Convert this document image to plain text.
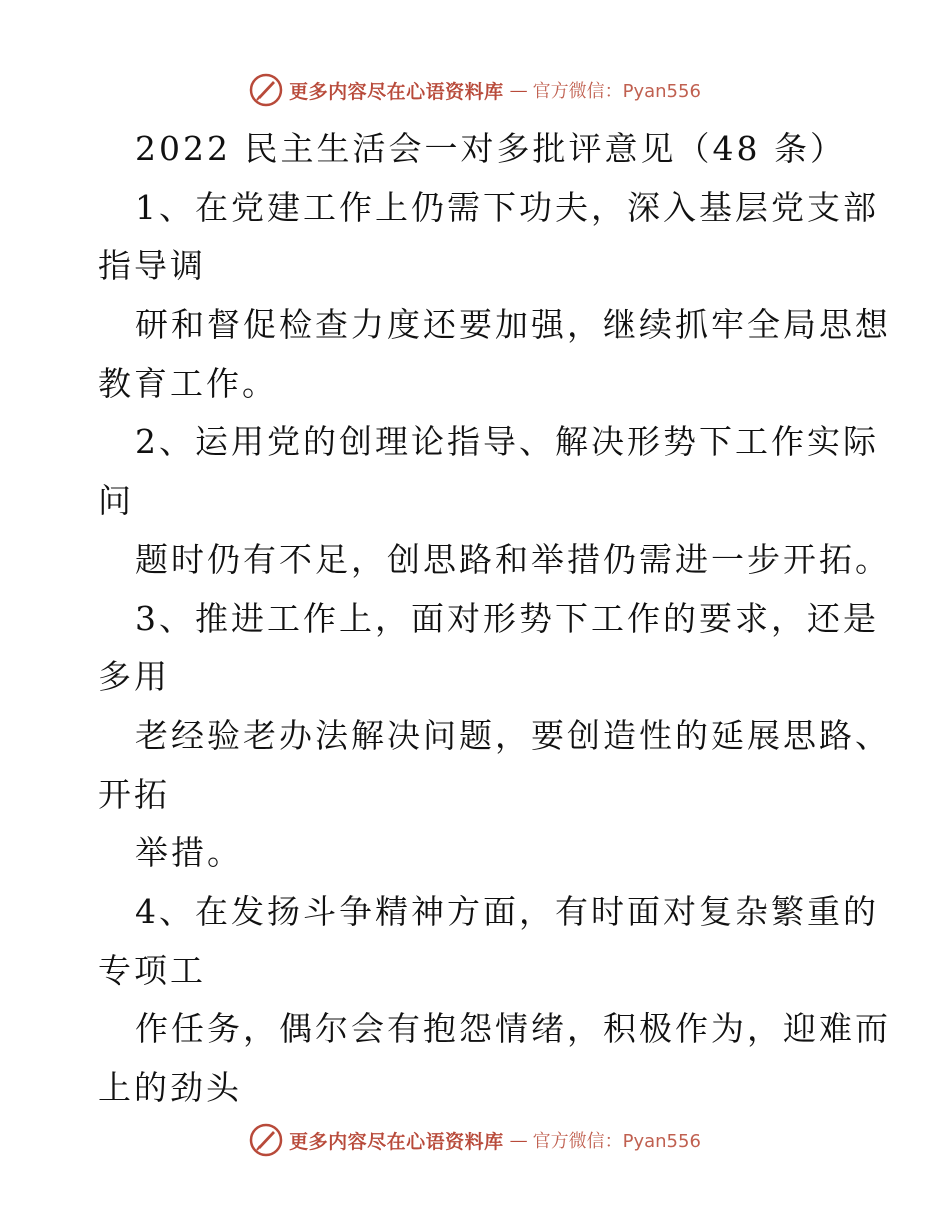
更多内容尽在心语资料库 — 官方微信：Pyan556
2022 民主生活会一对多批评意见（48 条）
1、在党建工作上仍需下功夫，深入基层党支部
指导调
研和督促检查力度还要加强，继续抓牢全局思想
教育工作。
2、运用党的创理论指导、解决形势下工作实际
问
题时仍有不足，创思路和举措仍需进一步开拓。
3、推进工作上，面对形势下工作的要求，还是
多用
老经验老办法解决问题，要创造性的延展思路、
开拓
举措。
4、在发扬斗争精神方面，有时面对复杂繁重的
专项工
作任务，偶尔会有抱怨情绪，积极作为，迎难而
上的劲头
更多内容尽在心语资料库 — 官方微信：Pyan556
